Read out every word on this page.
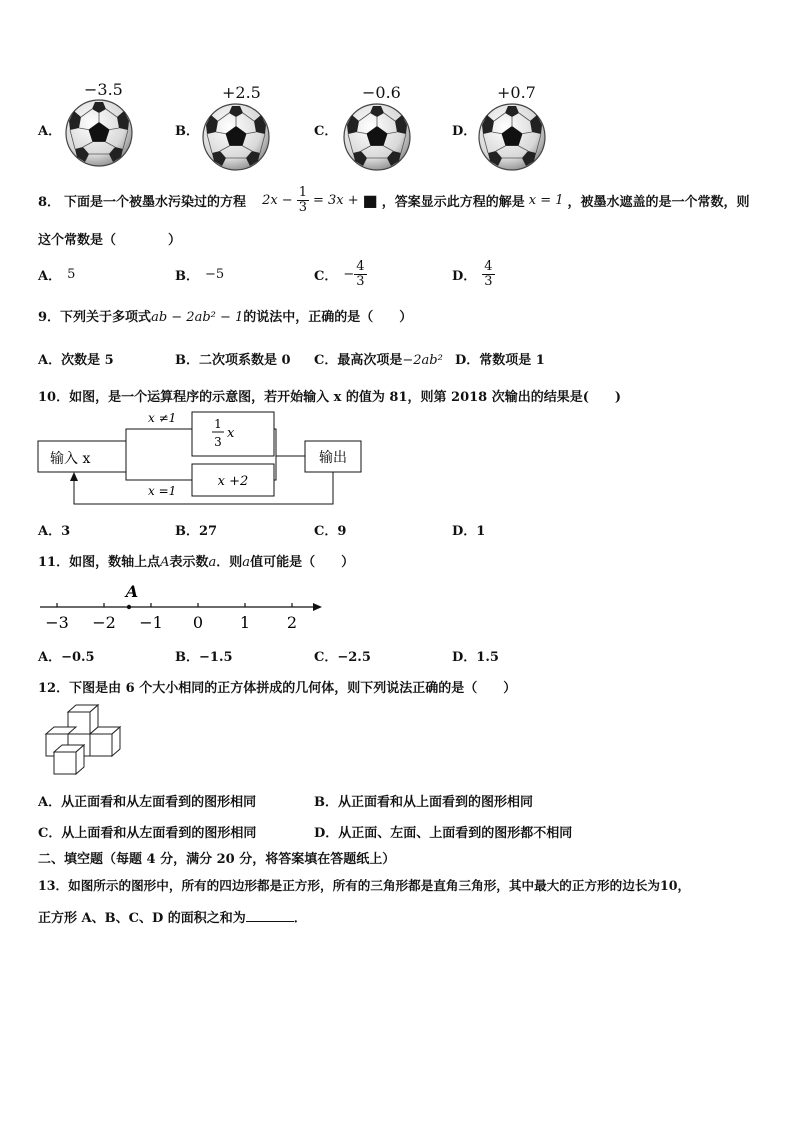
A．
−3.5
B．
+2.5
C．
−0.6
D．
+0.7
8． 下面是一个被墨水污染过的方程 $2x - \frac{1}{3} = 3x$ + ■ ，答案显示此方程的解是 x = 1 ，被墨水遮盖的是一个常数，则
这个常数是（　　　　）
A． 5	B． −5	C． − $\frac{4}{3}$	D． $\frac{4}{3}$
9．下列关于多项式ab − 2ab² − 1的说法中，正确的是（　　）
A．次数是 5	B．二次项系数是 0 C．最高次项是−2ab² D．常数项是 1
10．如图，是一个运算程序的示意图，若开始输入 x 的值为 81，则第 2018 次输出的结果是(　　)
输入 x
x ≠1
x =1
1
3
x
x +2
输出
A．3	B．27	C．9	D．1
11．如图，数轴上点A表示数a．则a值可能是（　　）
A
−3 −2 −1 0 1 2
A．−0.5	B．−1.5	C．−2.5	D．1.5
12．下图是由 6 个大小相同的正方体拼成的几何体，则下列说法正确的是（　　）
A．从正面看和从左面看到的图形相同	B．从正面看和从上面看到的图形相同
C．从上面看和从左面看到的图形相同	D．从正面、左面、上面看到的图形都不相同
二、填空题（每题 4 分，满分 20 分，将答案填在答题纸上）
13．如图所示的图形中，所有的四边形都是正方形，所有的三角形都是直角三角形，其中最大的正方形的边长为10，
正方形 A、B、C、D 的面积之和为	．
